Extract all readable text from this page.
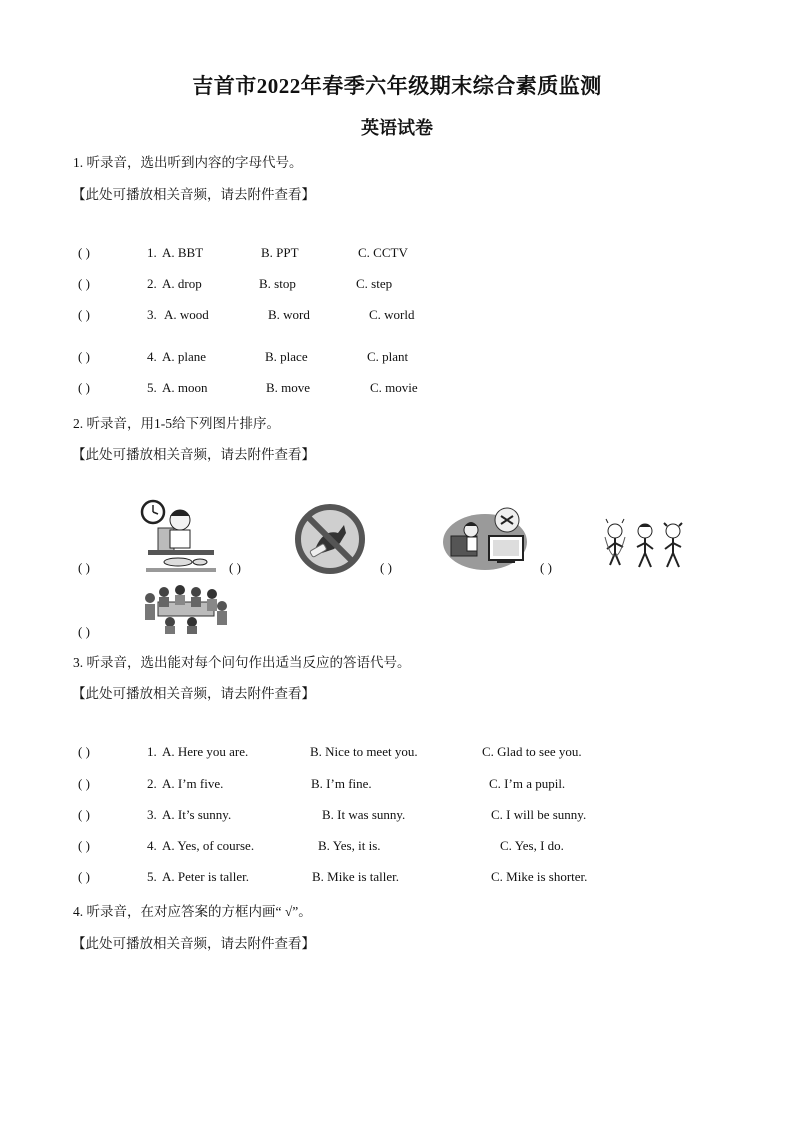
吉首市2022年春季六年级期末综合素质监测
英语试卷
1. 听录音，选出听到内容的字母代号。
【此处可播放相关音频，请去附件查看】
( )	1. A. BBT	B. PPT	C. CCTV
( )	2. A. drop	B. stop	C. step
( )	3. A. wood	B. word	C. world
( )	4. A. plane	B. place	C. plant
( )	5. A. moon	B. move	C. movie
2. 听录音，用1-5给下列图片排序。
【此处可播放相关音频，请去附件查看】
( )	( )	( )	( )
( )
3. 听录音，选出能对每个问句作出适当反应的答语代号。
【此处可播放相关音频，请去附件查看】
( )	1. A. Here you are.	B. Nice to meet you.	C. Glad to see you.
( )	2. A. I’m five.	B. I’m fine.	C. I’m a pupil.
( )	3. A. It’s sunny.	B. It was sunny.	C. I will be sunny.
( )	4. A. Yes, of course.	B. Yes, it is.	C. Yes, I do.
( )	5. A. Peter is taller.	B. Mike is taller.	C. Mike is shorter.
4. 听录音，在对应答案的方框内画“ √”。
【此处可播放相关音频，请去附件查看】
